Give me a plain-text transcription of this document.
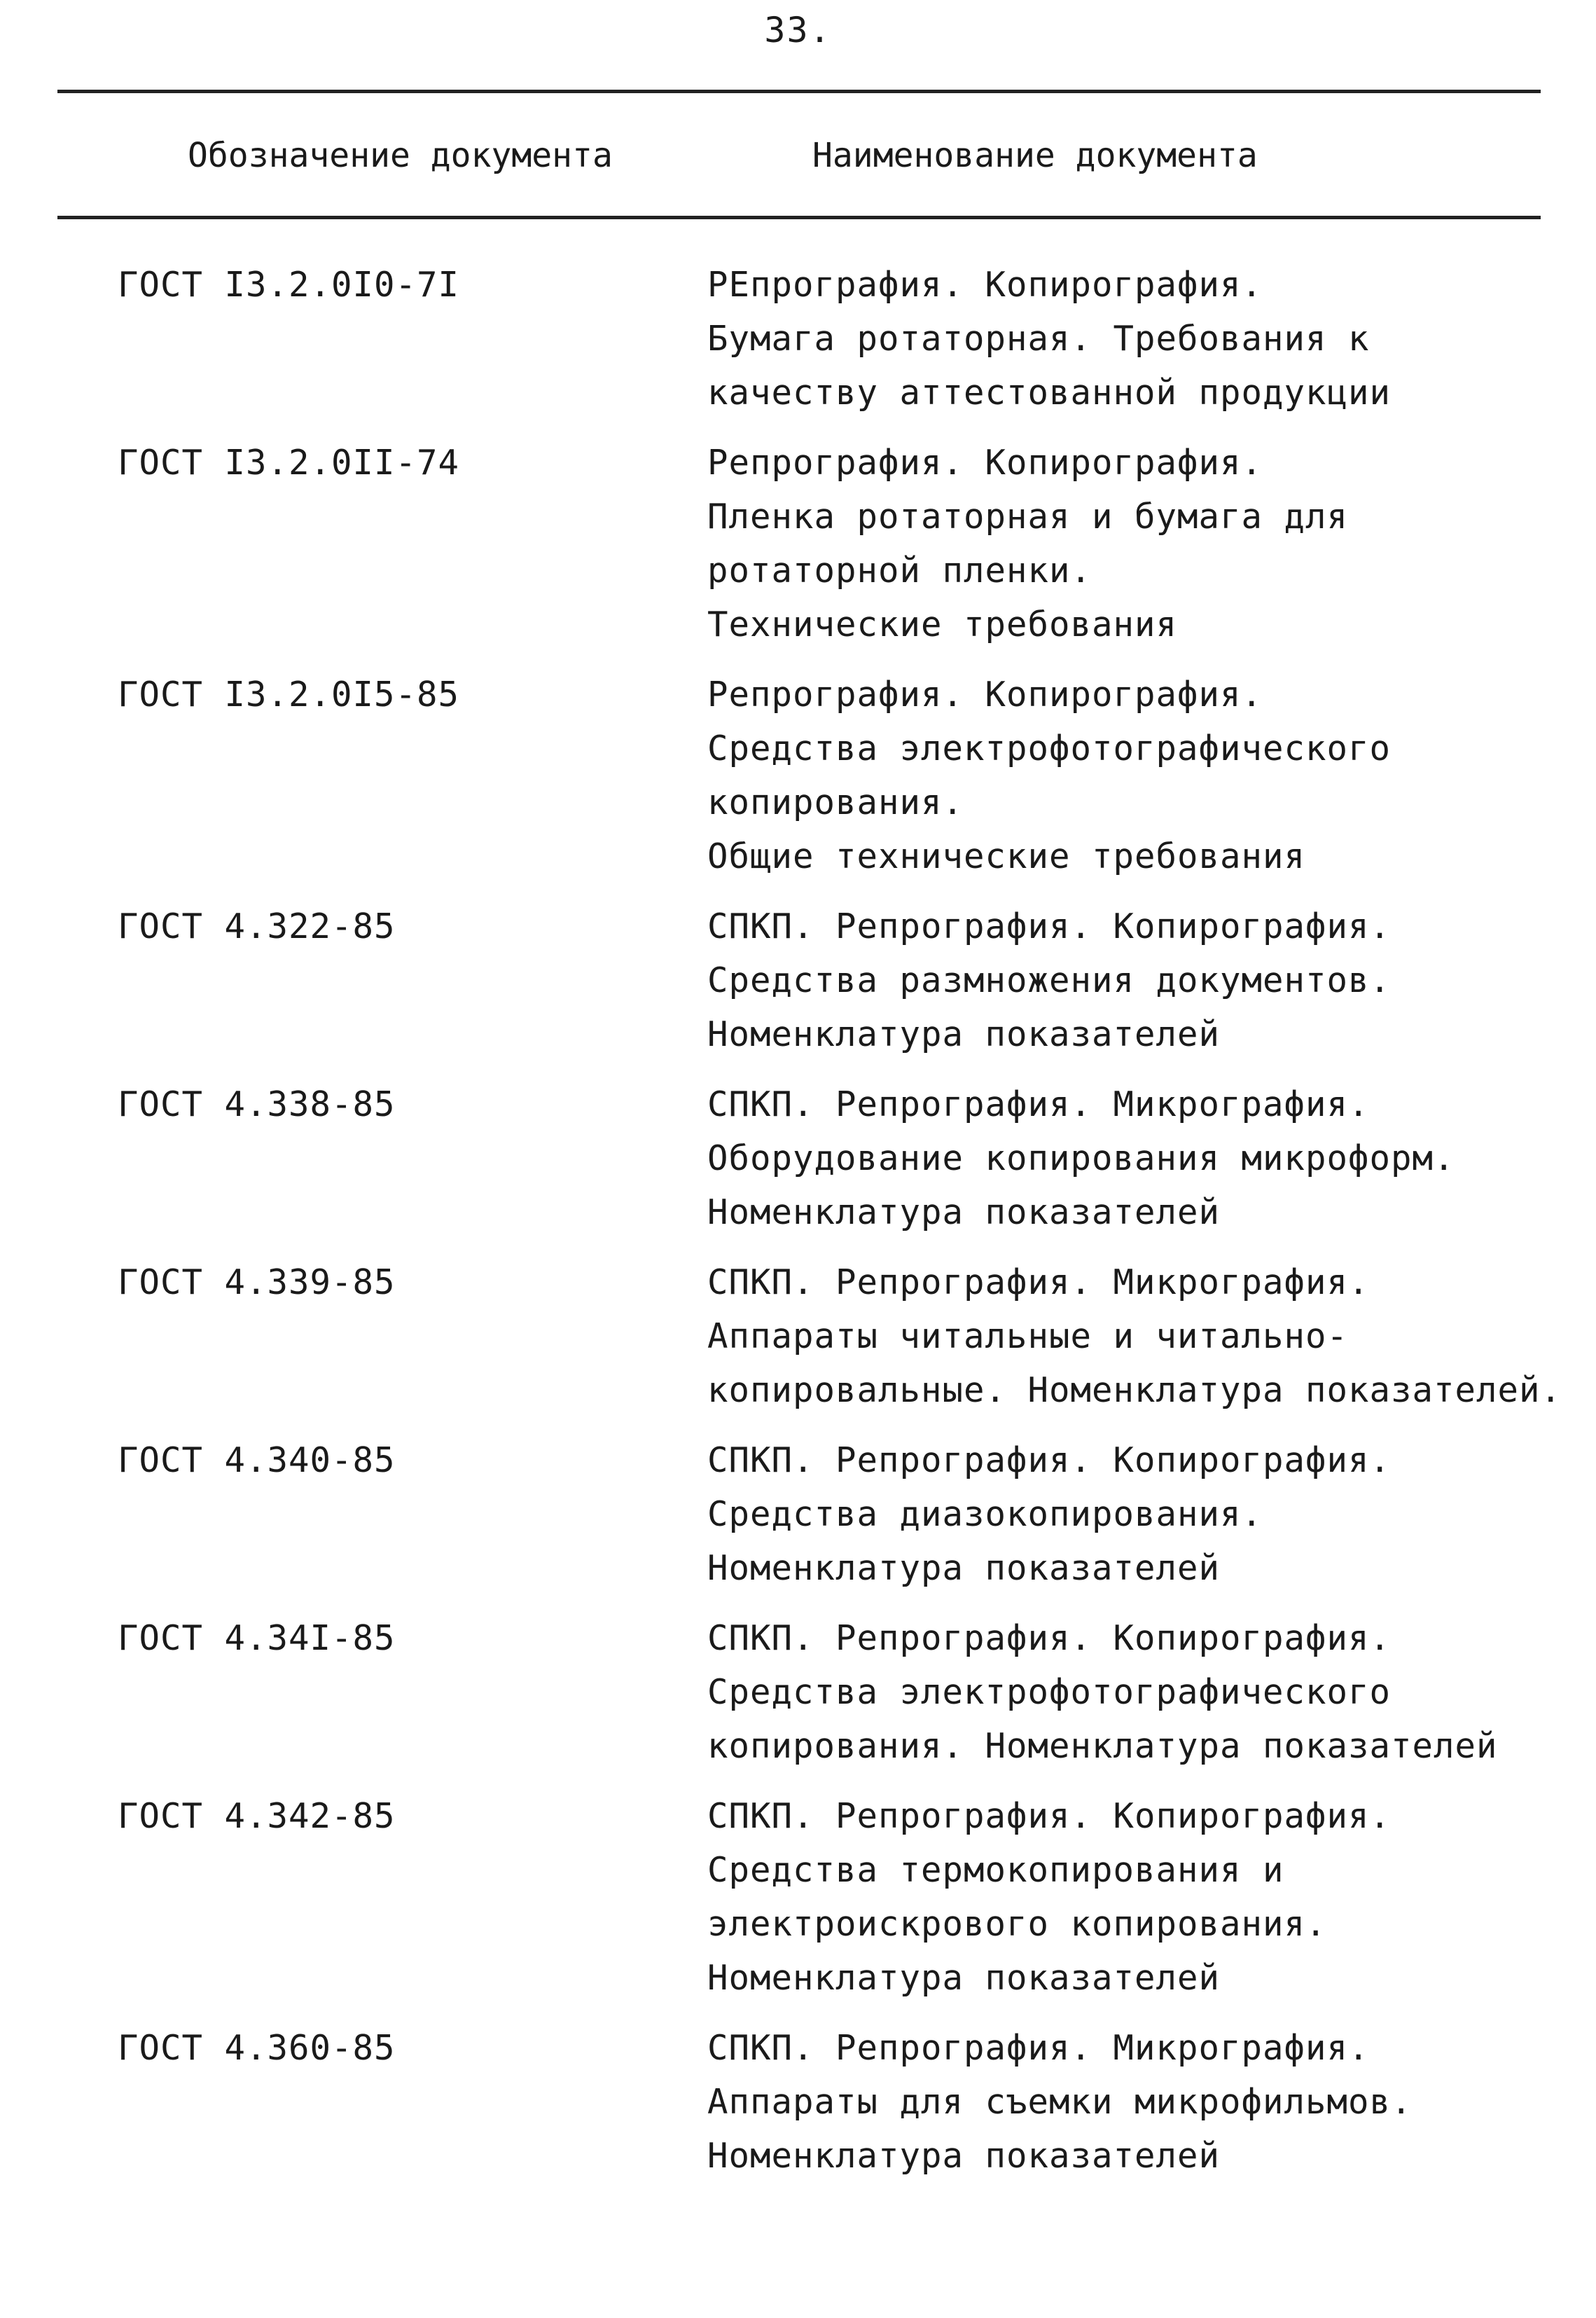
33.
Обозначение документа	Наименование документа
ГОСТ I3.2.0I0-7I	РЕпрография. Копирография.
Бумага ротаторная. Требования к
качеству аттестованной продукции
ГОСТ I3.2.0II-74	Репрография. Копирография.
Пленка ротаторная и бумага для
ротаторной пленки.
Технические требования
ГОСТ I3.2.0I5-85	Репрография. Копирография.
Средства электрофотографического
копирования.
Общие технические требования
ГОСТ 4.322-85	СПКП. Репрография. Копирография.
Средства размножения документов.
Номенклатура показателей
ГОСТ 4.338-85	СПКП. Репрография. Микрография.
Оборудование копирования микроформ.
Номенклатура показателей
ГОСТ 4.339-85	СПКП. Репрография. Микрография.
Аппараты читальные и читально-
копировальные. Номенклатура показателей.
ГОСТ 4.340-85	СПКП. Репрография. Копирография.
Средства диазокопирования.
Номенклатура показателей
ГОСТ 4.34I-85	СПКП. Репрография. Копирография.
Средства электрофотографического
копирования. Номенклатура показателей
ГОСТ 4.342-85	СПКП. Репрография. Копирография.
Средства термокопирования и
электроискрового копирования.
Номенклатура показателей
ГОСТ 4.360-85	СПКП. Репрография. Микрография.
Аппараты для съемки микрофильмов.
Номенклатура показателей
